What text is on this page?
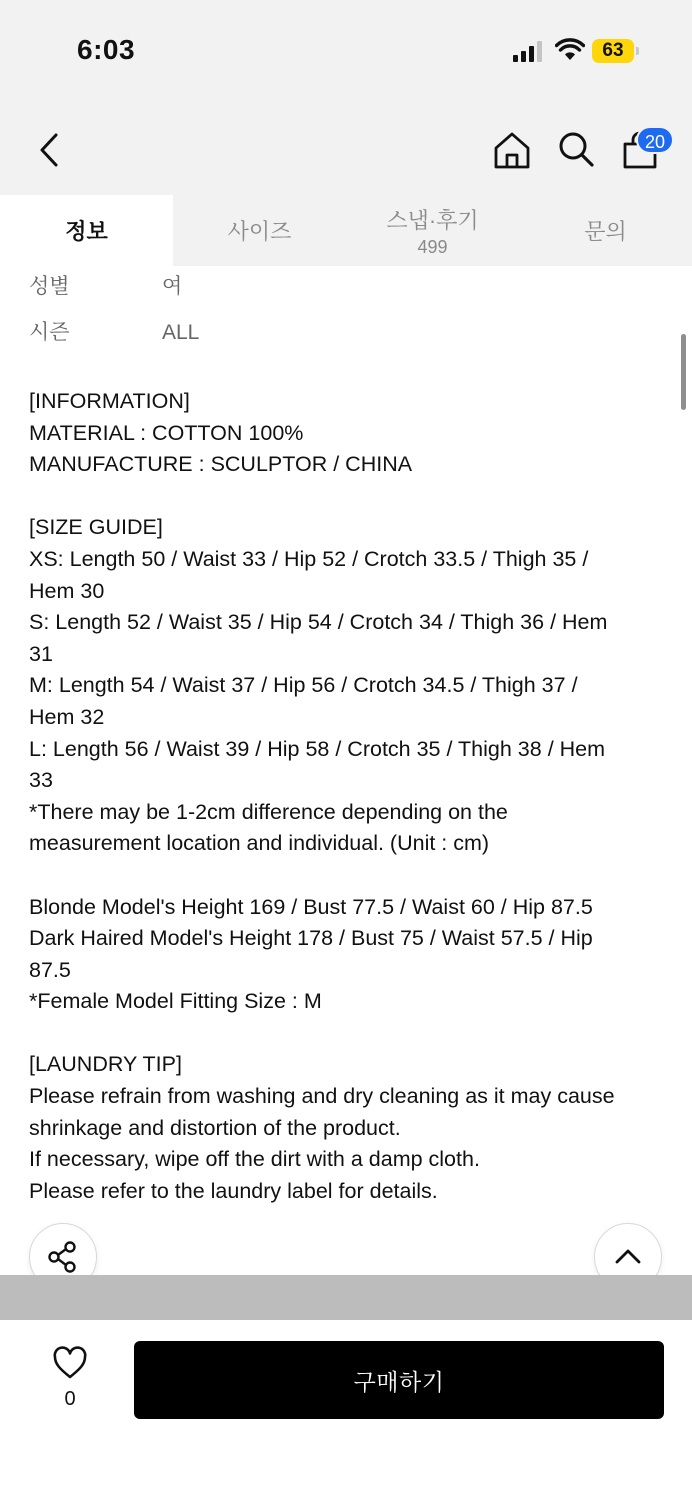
6:03	63
20
정보	사이즈	스냅·후기
499
문의
성별	여
시즌	ALL
[INFORMATION]
MATERIAL : COTTON 100%
MANUFACTURE : SCULPTOR / CHINA

[SIZE GUIDE]
XS: Length 50 / Waist 33 / Hip 52 / Crotch 33.5 / Thigh 35 /
Hem 30
S: Length 52 / Waist 35 / Hip 54 / Crotch 34 / Thigh 36 / Hem
31
M: Length 54 / Waist 37 / Hip 56 / Crotch 34.5 / Thigh 37 /
Hem 32
L: Length 56 / Waist 39 / Hip 58 / Crotch 35 / Thigh 38 / Hem
33
*There may be 1-2cm difference depending on the
measurement location and individual. (Unit : cm)

Blonde Model's Height 169 / Bust 77.5 / Waist 60 / Hip 87.5
Dark Haired Model's Height 178 / Bust 75 / Waist 57.5 / Hip
87.5
*Female Model Fitting Size : M

[LAUNDRY TIP]
Please refrain from washing and dry cleaning as it may cause
shrinkage and distortion of the product.
If necessary, wipe off the dirt with a damp cloth.
Please refer to the laundry label for details.
0
구매하기
